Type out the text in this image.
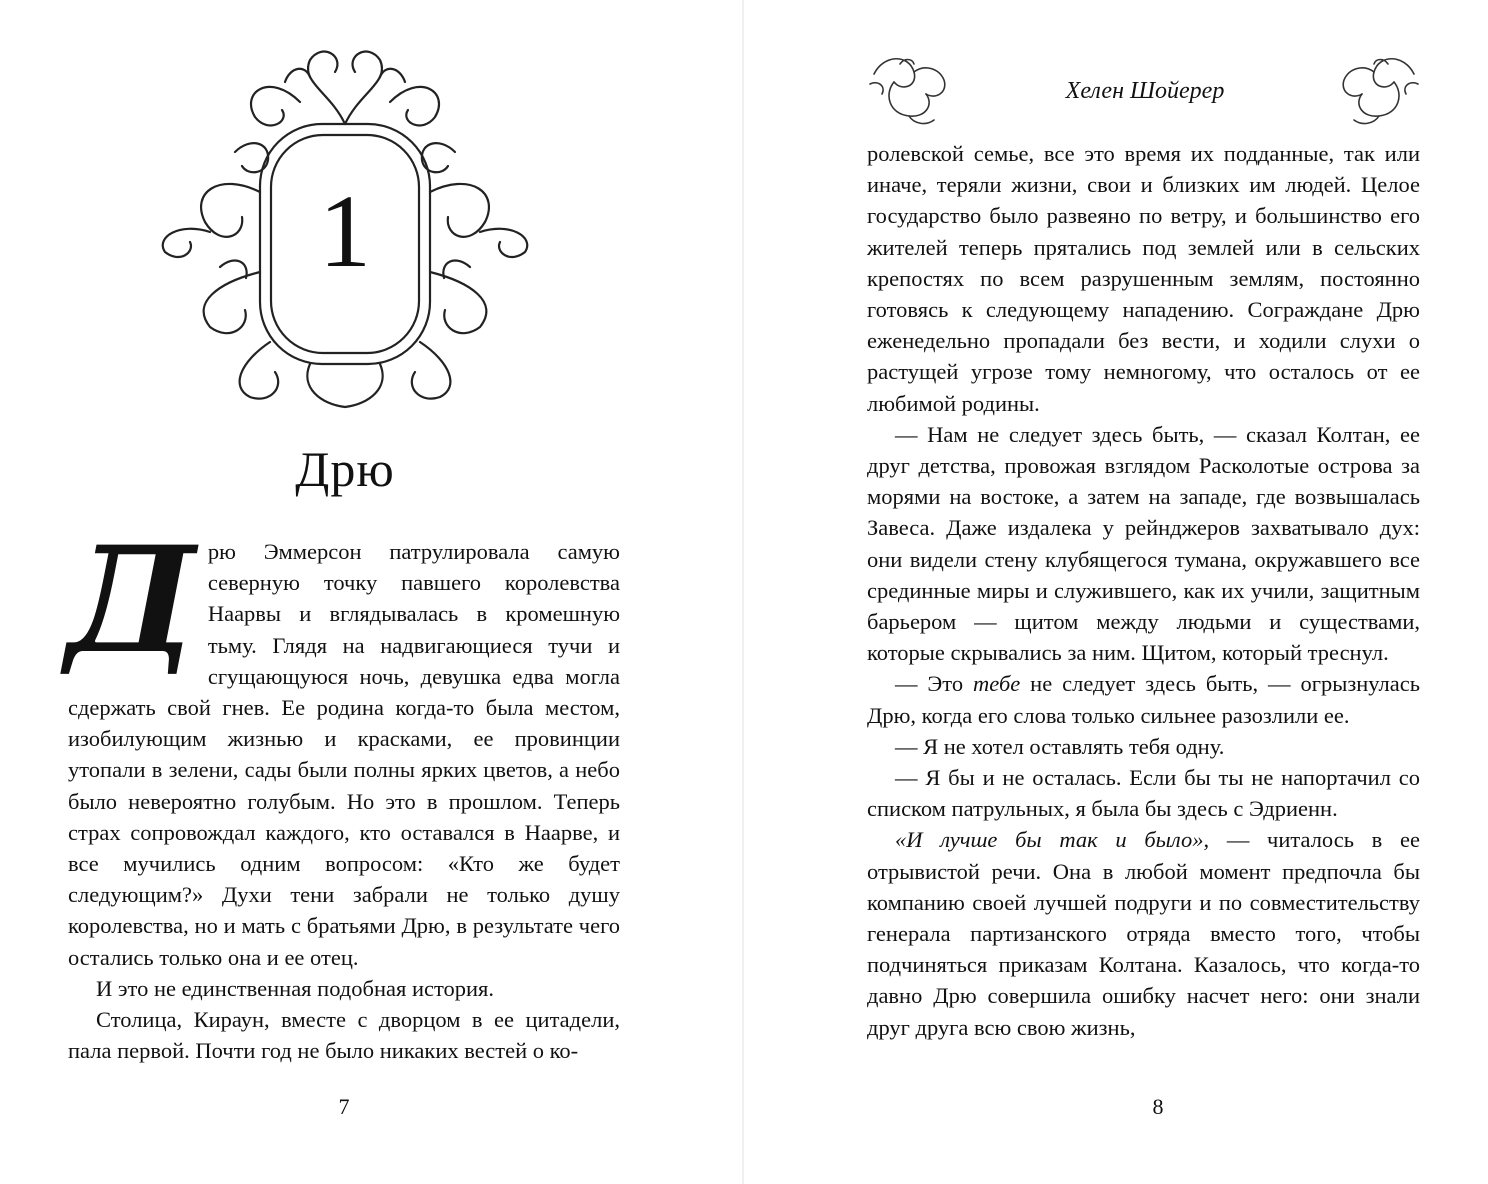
1
Дрю

Дрю Эммерсон патрулировала самую северную точку павшего королевства Наарвы и вглядывалась в кромешную тьму. Глядя на надвигающиеся тучи и сгущающуюся ночь, девушка едва могла сдержать свой гнев. Ее родина когда-то была местом, изобилующим жизнью и красками, ее провинции утопали в зелени, сады были полны ярких цветов, а небо было невероятно голубым. Но это в прошлом. Теперь страх сопровождал каждого, кто оставался в Наарве, и все мучились одним вопросом: «Кто же будет следующим?» Духи тени забрали не только душу королевства, но и мать с братьями Дрю, в результате чего остались только она и ее отец.

И это не единственная подобная история.

Столица, Кираун, вместе с дворцом в ее цитадели, пала первой. Почти год не было никаких вестей о ко-

7	8
Хелен Шойерер

ролевской семье, все это время их подданные, так или иначе, теряли жизни, свои и близких им людей. Целое государство было развеяно по ветру, и большинство его жителей теперь прятались под землей или в сельских крепостях по всем разрушенным землям, постоянно готовясь к следующему нападению. Сограждане Дрю еженедельно пропадали без вести, и ходили слухи о растущей угрозе тому немногому, что осталось от ее любимой родины.

— Нам не следует здесь быть, — сказал Колтан, ее друг детства, провожая взглядом Расколотые острова за морями на востоке, а затем на западе, где возвышалась Завеса. Даже издалека у рейнджеров захватывало дух: они видели стену клубящегося тумана, окружавшего все срединные миры и служившего, как их учили, защитным барьером — щитом между людьми и существами, которые скрывались за ним. Щитом, который треснул.

— Это тебе не следует здесь быть, — огрызнулась Дрю, когда его слова только сильнее разозлили ее.

— Я не хотел оставлять тебя одну.

— Я бы и не осталась. Если бы ты не напортачил со списком патрульных, я была бы здесь с Эдриенн.

«И лучше бы так и было», — читалось в ее отрывистой речи. Она в любой момент предпочла бы компанию своей лучшей подруги и по совместительству генерала партизанского отряда вместо того, чтобы подчиняться приказам Колтана. Казалось, что когда-то давно Дрю совершила ошибку насчет него: они знали друг друга всю свою жизнь,
